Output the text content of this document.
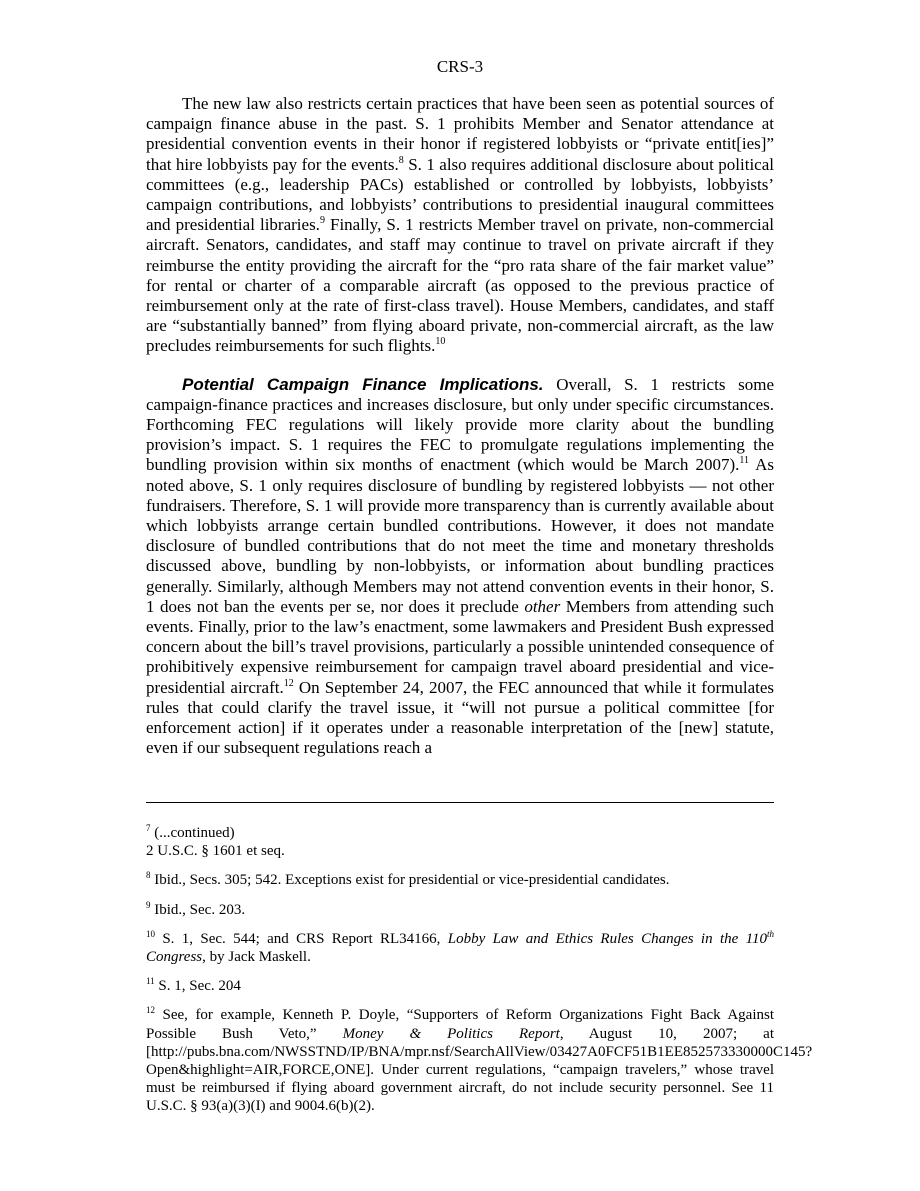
CRS-3

The new law also restricts certain practices that have been seen as potential sources of campaign finance abuse in the past. S. 1 prohibits Member and Senator attendance at presidential convention events in their honor if registered lobbyists or “private entit[ies]” that hire lobbyists pay for the events.$^8$ S. 1 also requires additional disclosure about political committees (e.g., leadership PACs) established or controlled by lobbyists, lobbyists’ campaign contributions, and lobbyists’ contributions to presidential inaugural committees and presidential libraries.$^9$ Finally, S. 1 restricts Member travel on private, non-commercial aircraft. Senators, candidates, and staff may continue to travel on private aircraft if they reimburse the entity providing the aircraft for the “pro rata share of the fair market value” for rental or charter of a comparable aircraft (as opposed to the previous practice of reimbursement only at the rate of first-class travel). House Members, candidates, and staff are “substantially banned” from flying aboard private, non-commercial aircraft, as the law precludes reimbursements for such flights.$^{10}$

Potential Campaign Finance Implications. Overall, S. 1 restricts some campaign-finance practices and increases disclosure, but only under specific circumstances. Forthcoming FEC regulations will likely provide more clarity about the bundling provision’s impact. S. 1 requires the FEC to promulgate regulations implementing the bundling provision within six months of enactment (which would be March 2007).$^{11}$ As noted above, S. 1 only requires disclosure of bundling by registered lobbyists — not other fundraisers. Therefore, S. 1 will provide more transparency than is currently available about which lobbyists arrange certain bundled contributions. However, it does not mandate disclosure of bundled contributions that do not meet the time and monetary thresholds discussed above, bundling by non-lobbyists, or information about bundling practices generally. Similarly, although Members may not attend convention events in their honor, S. 1 does not ban the events per se, nor does it preclude other Members from attending such events. Finally, prior to the law’s enactment, some lawmakers and President Bush expressed concern about the bill’s travel provisions, particularly a possible unintended consequence of prohibitively expensive reimbursement for campaign travel aboard presidential and vice-presidential aircraft.$^{12}$ On September 24, 2007, the FEC announced that while it formulates rules that could clarify the travel issue, it “will not pursue a political committee [for enforcement action] if it operates under a reasonable interpretation of the [new] statute, even if our subsequent regulations reach a

$^7$ (...continued)
2 U.S.C. § 1601 et seq.
$^8$ Ibid., Secs. 305; 542. Exceptions exist for presidential or vice-presidential candidates.
$^9$ Ibid., Sec. 203.
$^{10}$ S. 1, Sec. 544; and CRS Report RL34166, Lobby Law and Ethics Rules Changes in the 110th Congress, by Jack Maskell.
$^{11}$ S. 1, Sec. 204
$^{12}$ See, for example, Kenneth P. Doyle, “Supporters of Reform Organizations Fight Back Against Possible Bush Veto,” Money & Politics Report, August 10, 2007; at [http://pubs.bna.com/NWSSTND/IP/BNA/mpr.nsf/SearchAllView/03427A0FCF51B1EE852573330000C145?Open&highlight=AIR,FORCE,ONE]. Under current regulations, “campaign travelers,” whose travel must be reimbursed if flying aboard government aircraft, do not include security personnel. See 11 U.S.C. § 93(a)(3)(I) and 9004.6(b)(2).
